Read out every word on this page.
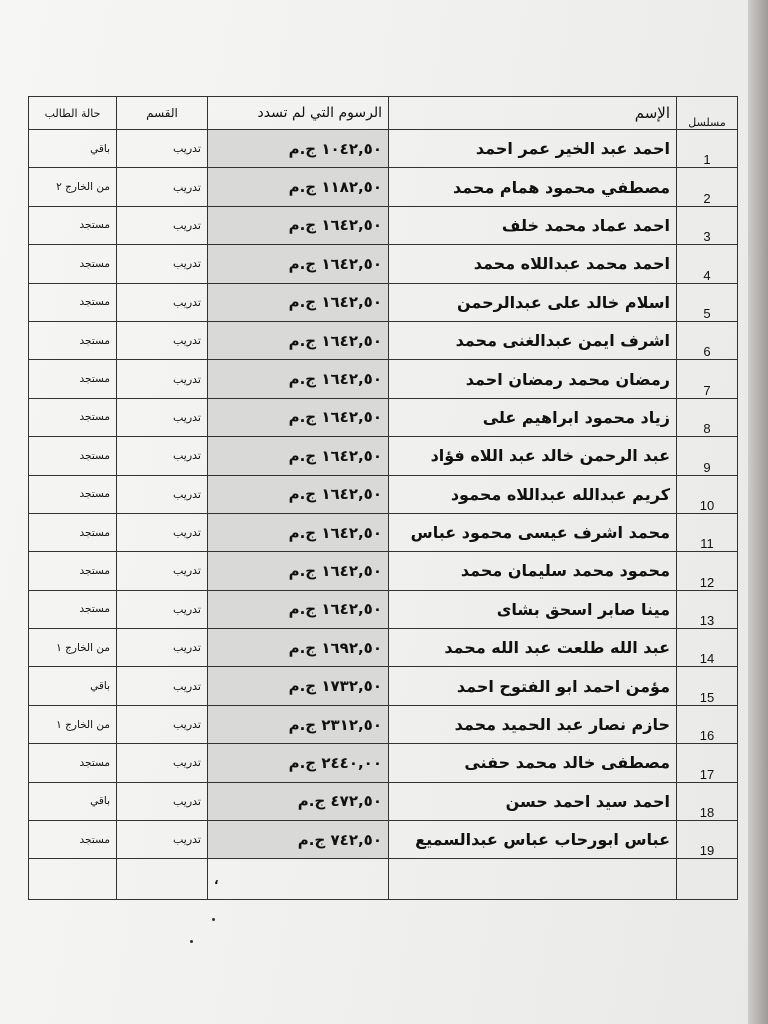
مسلسل	الإسم	الرسوم التي لم تسدد	القسم	حالة الطالب
1	احمد عبد الخير عمر احمد	١٠٤٢,٥٠ ج.م	تدريب	باقي
2	مصطفي محمود همام محمد	١١٨٢,٥٠ ج.م	تدريب	من الخارج ٢
3	احمد عماد محمد خلف	١٦٤٢,٥٠ ج.م	تدريب	مستجد
4	احمد محمد عبداللاه محمد	١٦٤٢,٥٠ ج.م	تدريب	مستجد
5	اسلام خالد على عبدالرحمن	١٦٤٢,٥٠ ج.م	تدريب	مستجد
6	اشرف ايمن عبدالغنى محمد	١٦٤٢,٥٠ ج.م	تدريب	مستجد
7	رمضان محمد رمضان احمد	١٦٤٢,٥٠ ج.م	تدريب	مستجد
8	زياد محمود ابراهيم على	١٦٤٢,٥٠ ج.م	تدريب	مستجد
9	عبد الرحمن خالد عبد اللاه فؤاد	١٦٤٢,٥٠ ج.م	تدريب	مستجد
10	كريم عبدالله عبداللاه محمود	١٦٤٢,٥٠ ج.م	تدريب	مستجد
11	محمد اشرف عيسى محمود عباس	١٦٤٢,٥٠ ج.م	تدريب	مستجد
12	محمود محمد سليمان محمد	١٦٤٢,٥٠ ج.م	تدريب	مستجد
13	مينا صابر اسحق بشاى	١٦٤٢,٥٠ ج.م	تدريب	مستجد
14	عبد الله طلعت عبد الله محمد	١٦٩٢,٥٠ ج.م	تدريب	من الخارج ١
15	مؤمن احمد ابو الفتوح احمد	١٧٣٢,٥٠ ج.م	تدريب	باقي
16	حازم نصار عبد الحميد محمد	٢٣١٢,٥٠ ج.م	تدريب	من الخارج ١
17	مصطفى خالد محمد حفنى	٢٤٤٠,٠٠ ج.م	تدريب	مستجد
18	احمد سيد احمد حسن	٤٧٢,٥٠ ج.م	تدريب	باقي
19	عباس ابورحاب عباس عبدالسميع	٧٤٢,٥٠ ج.م	تدريب	مستجد

		،		
